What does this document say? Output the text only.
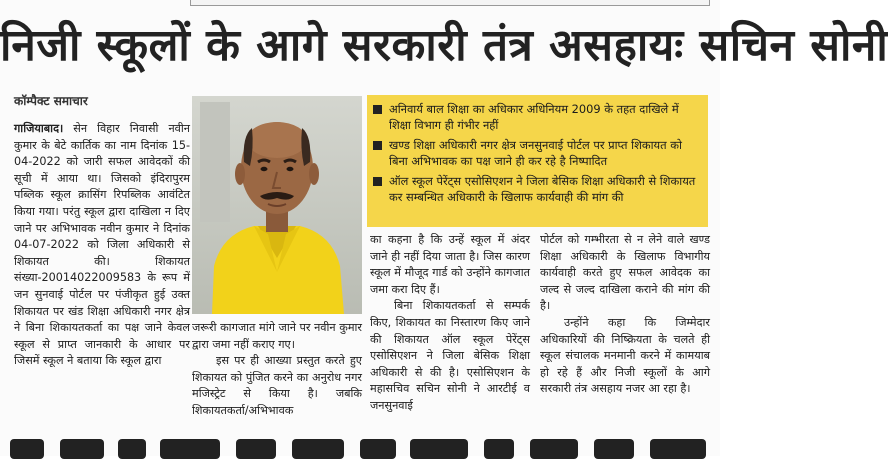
निजी स्कूलों के आगे सरकारी तंत्र असहायः सचिन सोनी
कॉम्पैक्ट समाचार

गाजियाबाद। सेन विहार निवासी नवीन कुमार के बेटे कार्तिक का नाम दिनांक 15-04-2022 को जारी सफल आवेदकों की सूची में आया था। जिसको इंदिरापुरम पब्लिक स्कूल क्रासिंग रिपब्लिक आवंटित किया गया। परंतु स्कूल द्वारा दाखिला न दिए जाने पर अभिभावक नवीन कुमार ने दिनांक 04-07-2022 को जिला अधिकारी से शिकायत की। शिकायत संख्या-20014022009583 के रूप में जन सुनवाई पोर्टल पर पंजीकृत हुई उक्त शिकायत पर खंड शिक्षा अधिकारी नगर क्षेत्र ने बिना शिकायतकर्ता का पक्ष जाने केवल स्कूल से प्राप्त जानकारी के आधार पर जिसमें स्कूल ने बताया कि स्कूल द्वारा

जरूरी कागजात मांगे जाने पर नवीन कुमार द्वारा जमा नहीं कराए गए।

इस पर ही आख्या प्रस्तुत करते हुए शिकायत को पुंजित करने का अनुरोध नगर मजिस्ट्रेट से किया है। जबकि शिकायतकर्ता/अभिभावक

अनिवार्य बाल शिक्षा का अधिकार अधिनियम 2009 के तहत दाखिले में शिक्षा विभाग ही गंभीर नहीं
खण्ड शिक्षा अधिकारी नगर क्षेत्र जनसुनवाई पोर्टल पर प्राप्त शिकायत को बिना अभिभावक का पक्ष जाने ही कर रहे है निष्पादित
ऑल स्कूल पेरेंट्स एसोसिएशन ने जिला बेसिक शिक्षा अधिकारी से शिकायत कर सम्बन्धित अधिकारी के खिलाफ कार्यवाही की मांग की

का कहना है कि उन्हें स्कूल में अंदर जाने ही नहीं दिया जाता है। जिस कारण स्कूल में मौजूद गार्ड को उन्होंने कागजात जमा करा दिए हैं।

बिना शिकायतकर्ता से सम्पर्क किए, शिकायत का निस्तारण किए जाने की शिकायत ऑल स्कूल पेरेंट्स एसोसिएशन ने जिला बेसिक शिक्षा अधिकारी से की है। एसोसिएशन के महासचिव सचिन सोनी ने आरटीई व जनसुनवाई

पोर्टल को गम्भीरता से न लेने वाले खण्ड शिक्षा अधिकारी के खिलाफ विभागीय कार्यवाही करते हुए सफल आवेदक का जल्द से जल्द दाखिला कराने की मांग की है।

उन्होंने कहा कि जिम्मेदार अधिकारियों की निष्क्रियता के चलते ही स्कूल संचालक मनमानी करने में कामयाब हो रहे हैं और निजी स्कूलों के आगे सरकारी तंत्र असहाय नजर आ रहा है।
